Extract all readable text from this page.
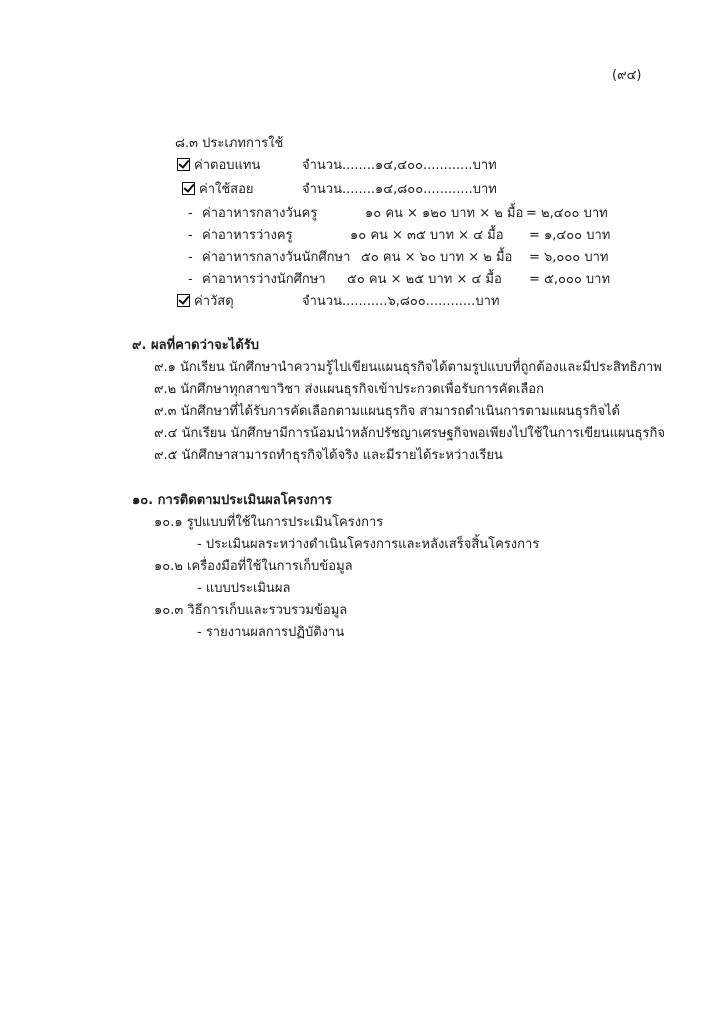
(๙๔)
๘.๓ ประเภทการใช้
ค่าตอบแทน	จำนวน........๑๔,๔๐๐............บาท
ค่าใช้สอย	จำนวน........๑๔,๘๐๐............บาท
- ค่าอาหารกลางวันครู	๑๐ คน × ๑๒๐ บาท × ๒ มื้อ = ๒,๔๐๐ บาท
- ค่าอาหารว่างครู	๑๐ คน × ๓๕ บาท × ๔ มื้อ = ๑,๔๐๐ บาท
- ค่าอาหารกลางวันนักศึกษา ๕๐ คน × ๖๐ บาท × ๒ มื้อ = ๖,๐๐๐ บาท
- ค่าอาหารว่างนักศึกษา ๕๐ คน × ๒๕ บาท × ๔ มื้อ = ๕,๐๐๐ บาท
ค่าวัสดุ	จำนวน...........๖,๘๐๐............บาท
๙. ผลที่คาดว่าจะได้รับ
๙.๑ นักเรียน นักศึกษานำความรู้ไปเขียนแผนธุรกิจได้ตามรูปแบบที่ถูกต้องและมีประสิทธิภาพ
๙.๒ นักศึกษาทุกสาขาวิชา ส่งแผนธุรกิจเข้าประกวดเพื่อรับการคัดเลือก
๙.๓ นักศึกษาที่ได้รับการคัดเลือกตามแผนธุรกิจ สามารถดำเนินการตามแผนธุรกิจได้
๙.๔ นักเรียน นักศึกษามีการน้อมนำหลักปรัชญาเศรษฐกิจพอเพียงไปใช้ในการเขียนแผนธุรกิจ
๙.๕ นักศึกษาสามารถทำธุรกิจได้จริง และมีรายได้ระหว่างเรียน
๑๐. การติดตามประเมินผลโครงการ
๑๐.๑ รูปแบบที่ใช้ในการประเมินโครงการ
- ประเมินผลระหว่างดำเนินโครงการและหลังเสร็จสิ้นโครงการ
๑๐.๒ เครื่องมือที่ใช้ในการเก็บข้อมูล
- แบบประเมินผล
๑๐.๓ วิธีการเก็บและรวบรวมข้อมูล
- รายงานผลการปฏิบัติงาน
